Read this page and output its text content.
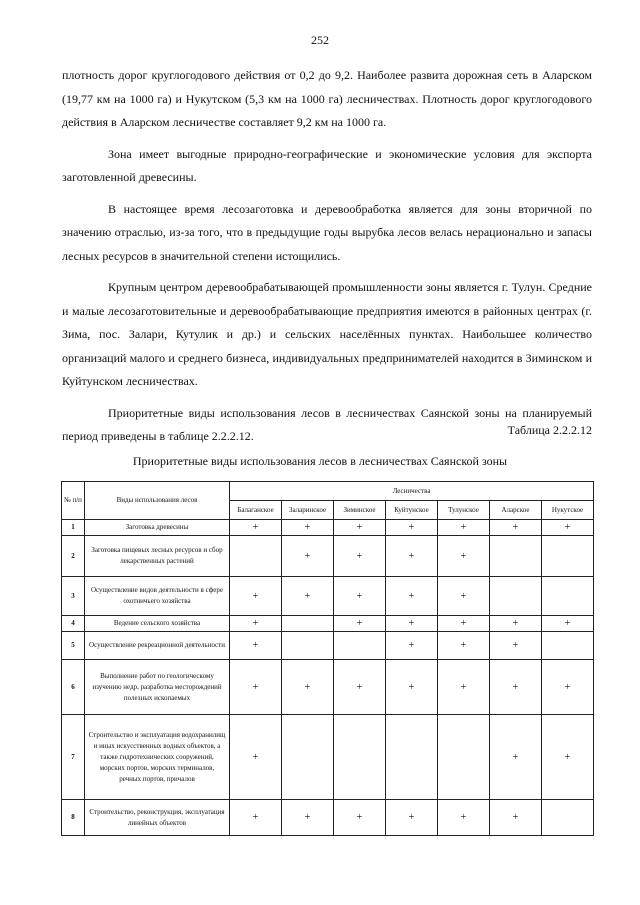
252

плотность дорог круглогодового действия от 0,2 до 9,2. Наиболее развита дорожная сеть в Аларском (19,77 км на 1000 га) и Нукутском (5,3 км на 1000 га) лесничествах. Плотность дорог круглогодового действия в Аларском лесничестве составляет 9,2 км на 1000 га.

Зона имеет выгодные природно-географические и экономические условия для экспорта заготовленной древесины.

В настоящее время лесозаготовка и деревообработка является для зоны вторичной по значению отраслью, из-за того, что в предыдущие годы вырубка лесов велась нерационально и запасы лесных ресурсов в значительной степени истощились.

Крупным центром деревообрабатывающей промышленности зоны является г. Тулун. Средние и малые лесозаготовительные и деревообрабатывающие предприятия имеются в районных центрах (г. Зима, пос. Залари, Кутулик и др.) и сельских населённых пунктах. Наибольшее количество организаций малого и среднего бизнеса, индивидуальных предпринимателей находится в Зиминском и Куйтунском лесничествах.

Приоритетные виды использования лесов в лесничествах Саянской зоны на планируемый период приведены в таблице 2.2.2.12.	Таблица 2.2.2.12
Приоритетные виды использования лесов в лесничествах Саянской зоны
№ п/п	Виды использования лесов	Лесничества						
		Балаганское	Заларинское	Зиминское	Куйтунское	Тулунское	Аларское	Нукутское
1	Заготовка древесины	+	+	+	+	+	+	+
2	Заготовка пищевых лесных ресурсов и сбор лекарственных растений		+	+	+	+		
3	Осуществление видов деятельности в сфере охотничьего хозяйства	+	+	+	+	+		
4	Ведение сельского хозяйства	+		+	+	+	+	+
5	Осуществление рекреационной деятельности	+			+	+	+	
6	Выполнение работ по геологическому изучению недр, разработка месторождений полезных ископаемых	+	+	+	+	+	+	+
7	Строительство и эксплуатация водохранилищ и иных искусственных водных объектов, а также гидротехнических сооружений, морских портов, морских терминалов, речных портов, причалов	+					+	+
8	Строительство, реконструкция, эксплуатация линейных объектов	+	+	+	+	+	+	
